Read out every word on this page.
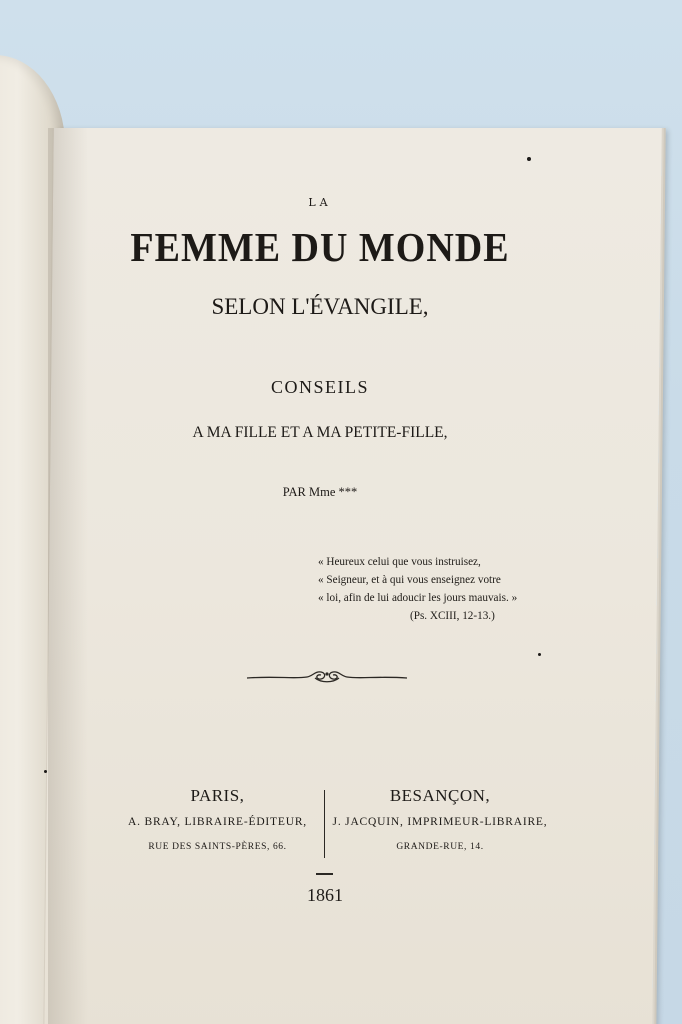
LA
FEMME DU MONDE
SELON L'ÉVANGILE,
CONSEILS
A MA FILLE ET A MA PETITE-FILLE,
PAR Mme ***
« Heureux celui que vous instruisez,
« Seigneur, et à qui vous enseignez votre
« loi, afin de lui adoucir les jours mauvais. »
(Ps. XCIII, 12-13.)
PARIS,
A. BRAY, LIBRAIRE-ÉDITEUR,
RUE DES SAINTS-PÈRES, 66.
BESANÇON,
J. JACQUIN, IMPRIMEUR-LIBRAIRE,
GRANDE-RUE, 14.
1861
